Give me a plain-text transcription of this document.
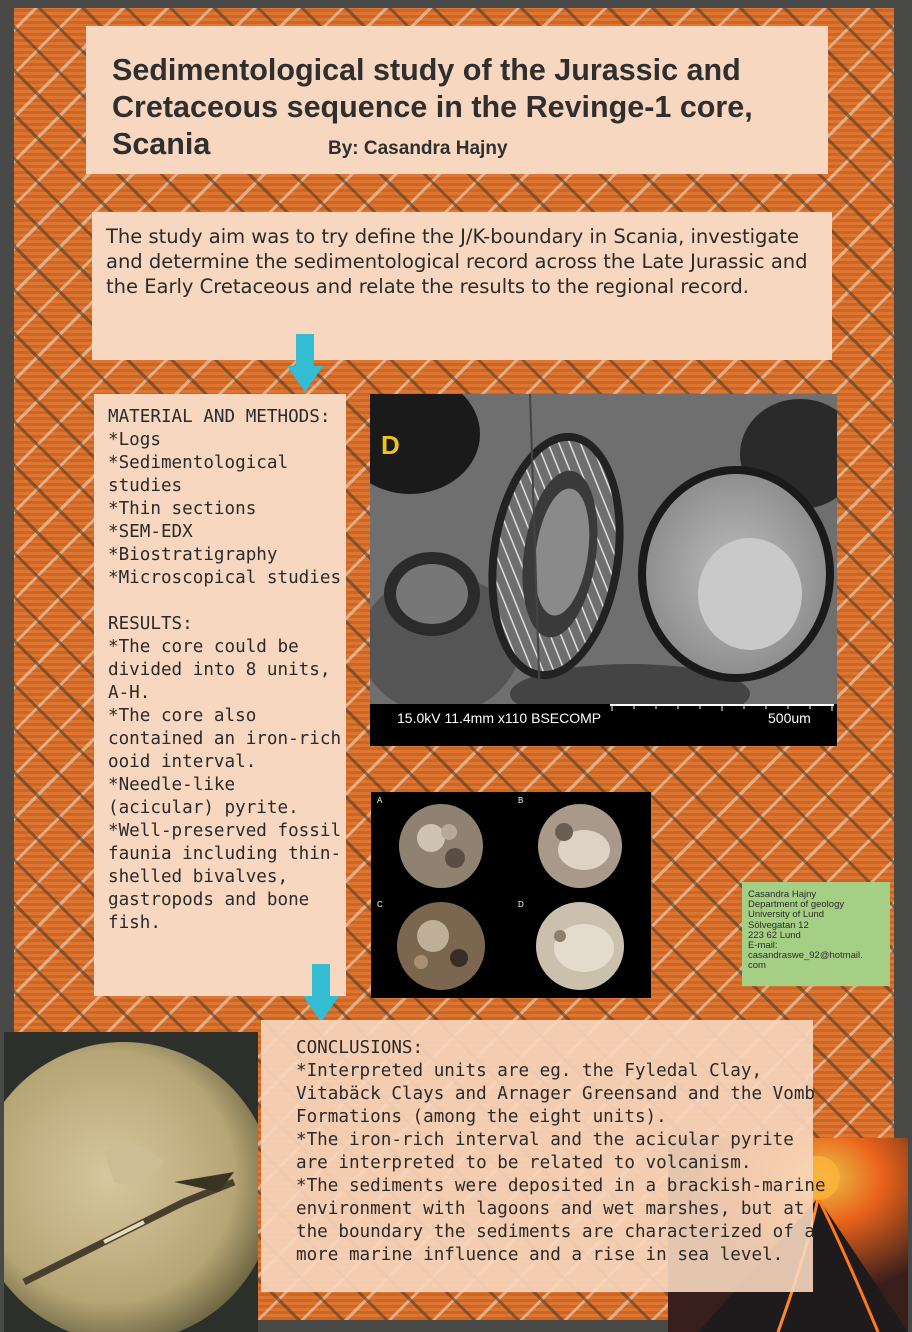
Sedimentological study of the Jurassic and Cretaceous sequence in the Revinge-1 core, Scania	By: Casandra Hajny

The study aim was to try define the J/K-boundary in Scania, investigate and determine the sedimentological record across the Late Jurassic and the Early Cretaceous and relate the results to the regional record.

MATERIAL AND METHODS:
*Logs
*Sedimentological studies
*Thin sections
*SEM-EDX
*Biostratigraphy
*Microscopical studies
RESULTS:
*The core could be divided into 8 units, A-H.
*The core also contained an iron-rich ooid interval.
*Needle-like (acicular) pyrite.
*Well-preserved fossil faunia including thin-shelled bivalves, gastropods and bone fish.
D
15.0kV 11.4mm x110 BSECOMP	500um
A	B
C	D
Casandra Hajny
Department of geology
University of Lund
Sölvegatan 12
223 62 Lund
E-mail:
casandraswe_92@hotmail.
com
CONCLUSIONS:
*Interpreted units are eg. the Fyledal Clay, Vitabäck Clays and Arnager Greensand and the Vomb Formations (among the eight units).
*The iron-rich interval and the acicular pyrite are interpreted to be related to volcanism.
*The sediments were deposited in a brackish-marine environment with lagoons and wet marshes, but at the boundary the sediments are characterized of a more marine influence and a rise in sea level.
